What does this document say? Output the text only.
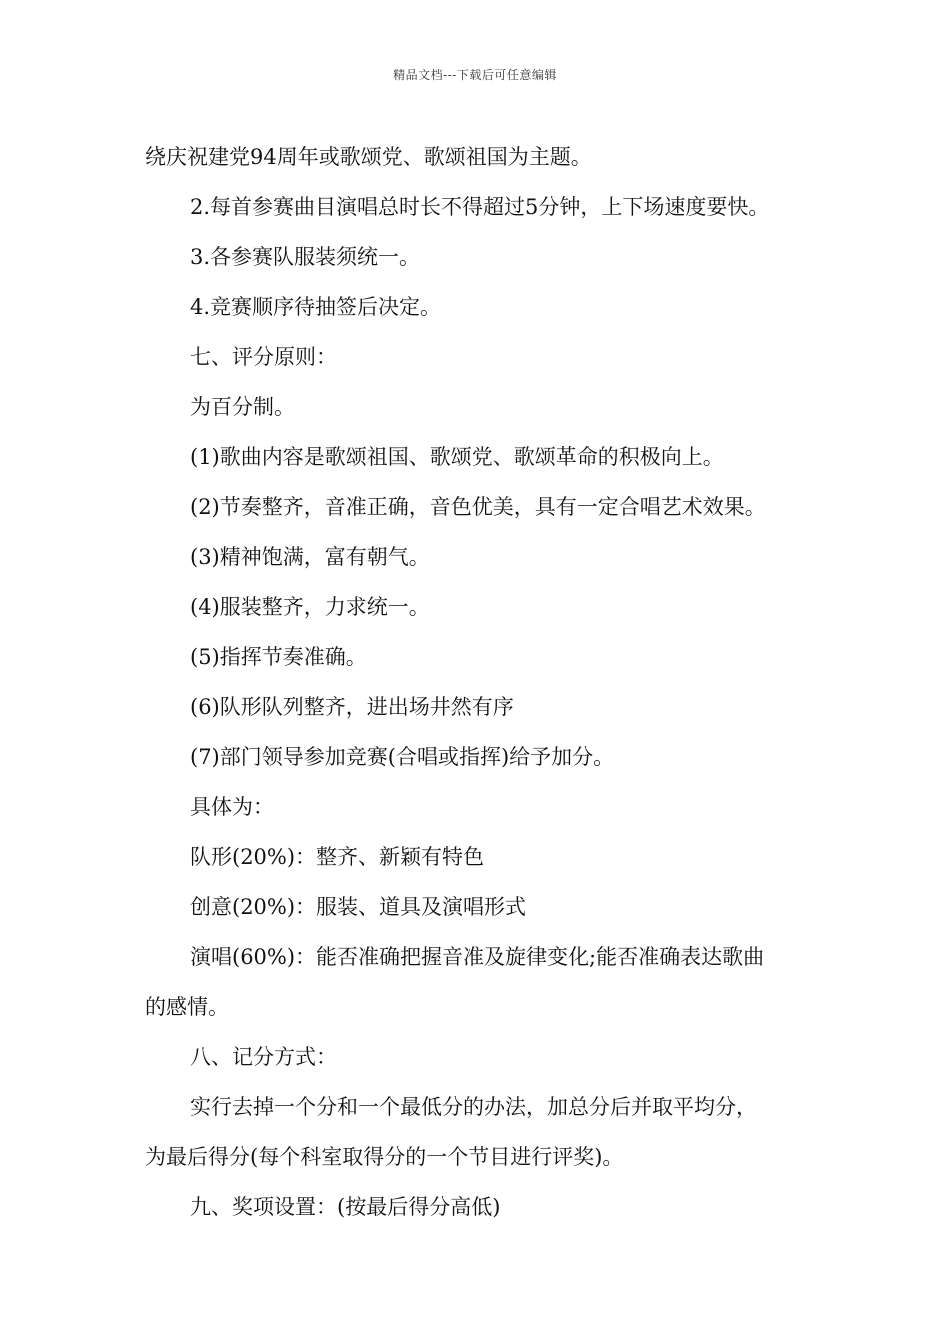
精品文档---下载后可任意编辑

绕庆祝建党94周年或歌颂党、歌颂祖国为主题。

2.每首参赛曲目演唱总时长不得超过5分钟，上下场速度要快。

3.各参赛队服装须统一。

4.竞赛顺序待抽签后决定。

七、评分原则：

为百分制。

(1)歌曲内容是歌颂祖国、歌颂党、歌颂革命的积极向上。

(2)节奏整齐，音准正确，音色优美，具有一定合唱艺术效果。

(3)精神饱满，富有朝气。

(4)服装整齐，力求统一。

(5)指挥节奏准确。

(6)队形队列整齐，进出场井然有序

(7)部门领导参加竞赛(合唱或指挥)给予加分。

具体为：

队形(20%)：整齐、新颖有特色

创意(20%)：服装、道具及演唱形式

演唱(60%)：能否准确把握音准及旋律变化;能否准确表达歌曲

的感情。

八、记分方式：

实行去掉一个分和一个最低分的办法，加总分后并取平均分，

为最后得分(每个科室取得分的一个节目进行评奖)。

九、奖项设置：(按最后得分高低)
